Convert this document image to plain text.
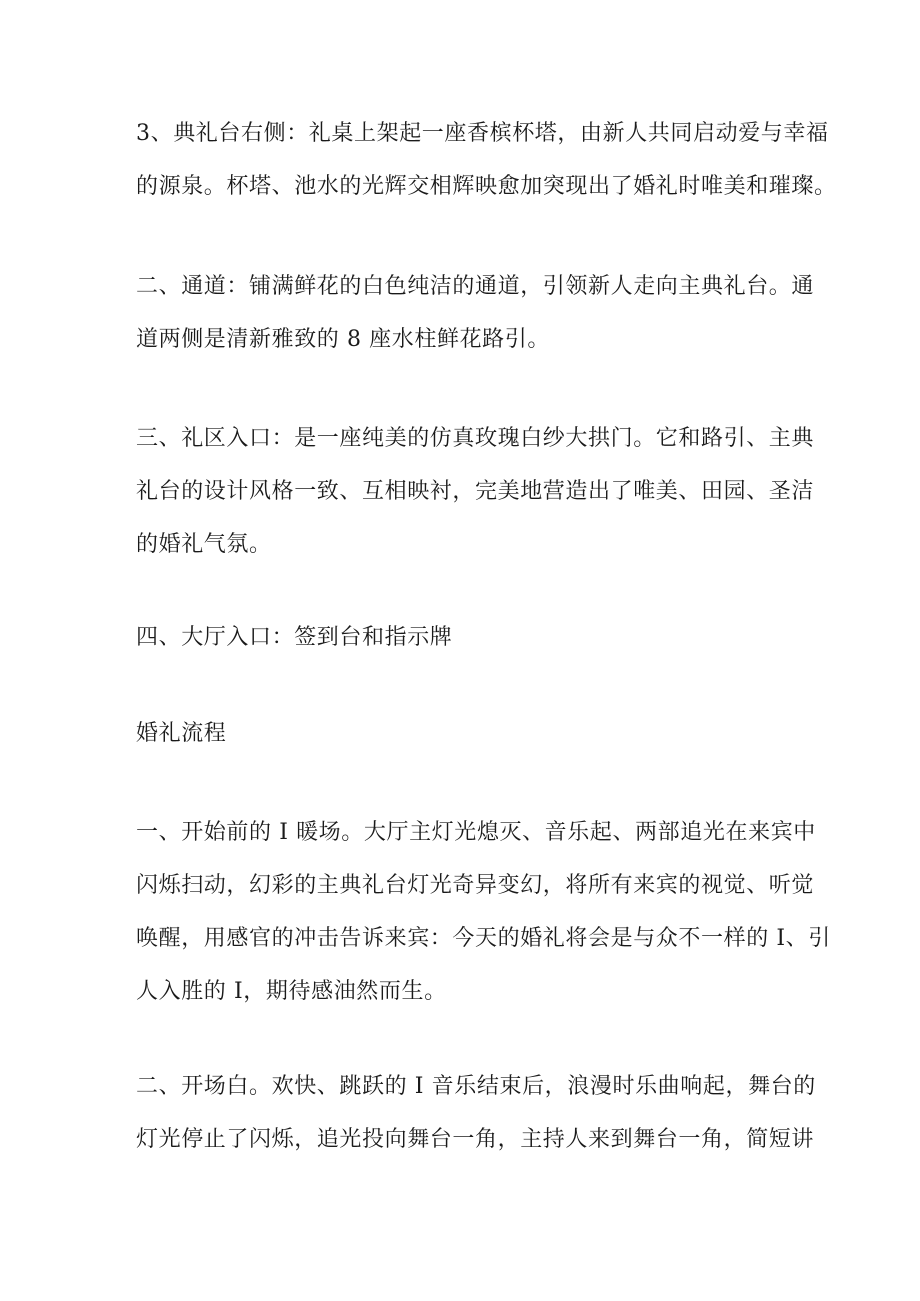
3、典礼台右侧：礼桌上架起一座香槟杯塔，由新人共同启动爱与幸福
的源泉。杯塔、池水的光辉交相辉映愈加突现出了婚礼时唯美和璀璨。

二、通道：铺满鲜花的白色纯洁的通道，引领新人走向主典礼台。通
道两侧是清新雅致的 8 座水柱鲜花路引。

三、礼区入口：是一座纯美的仿真玫瑰白纱大拱门。它和路引、主典
礼台的设计风格一致、互相映衬，完美地营造出了唯美、田园、圣洁
的婚礼气氛。

四、大厅入口：签到台和指示牌

婚礼流程

一、开始前的 I 暖场。大厅主灯光熄灭、音乐起、两部追光在来宾中
闪烁扫动，幻彩的主典礼台灯光奇异变幻，将所有来宾的视觉、听觉
唤醒，用感官的冲击告诉来宾：今天的婚礼将会是与众不一样的 I、引
人入胜的 I，期待感油然而生。

二、开场白。欢快、跳跃的 I 音乐结束后，浪漫时乐曲响起，舞台的
灯光停止了闪烁，追光投向舞台一角，主持人来到舞台一角，简短讲
